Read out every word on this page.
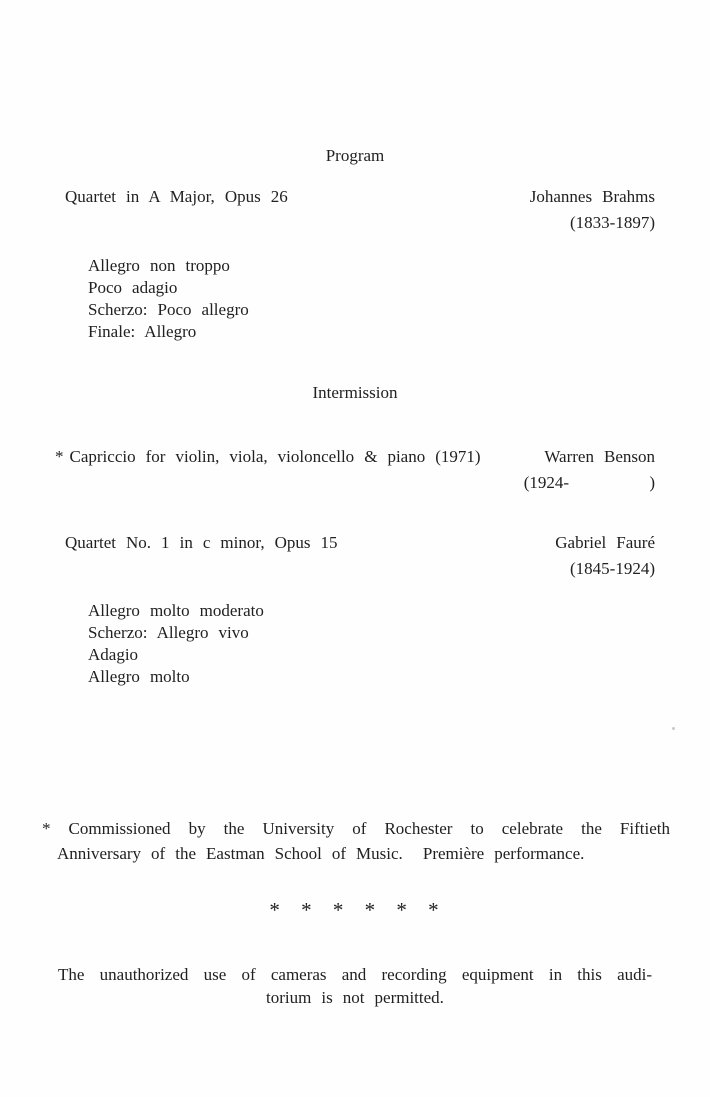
Program
Quartet in A Major, Opus 26	Johannes Brahms
(1833-1897)
Allegro non troppo
Poco adagio
Scherzo: Poco allegro
Finale: Allegro
Intermission
* Capriccio for violin, viola, violoncello & piano (1971)	Warren Benson
(1924-        )
Quartet No. 1 in c minor, Opus 15	Gabriel Fauré
(1845-1924)
Allegro molto moderato
Scherzo: Allegro vivo
Adagio
Allegro molto
* Commissioned by the University of Rochester to celebrate the Fiftieth
Anniversary of the Eastman School of Music.  Première performance.
* * * * * *
The unauthorized use of cameras and recording equipment in this audi-
torium is not permitted.
